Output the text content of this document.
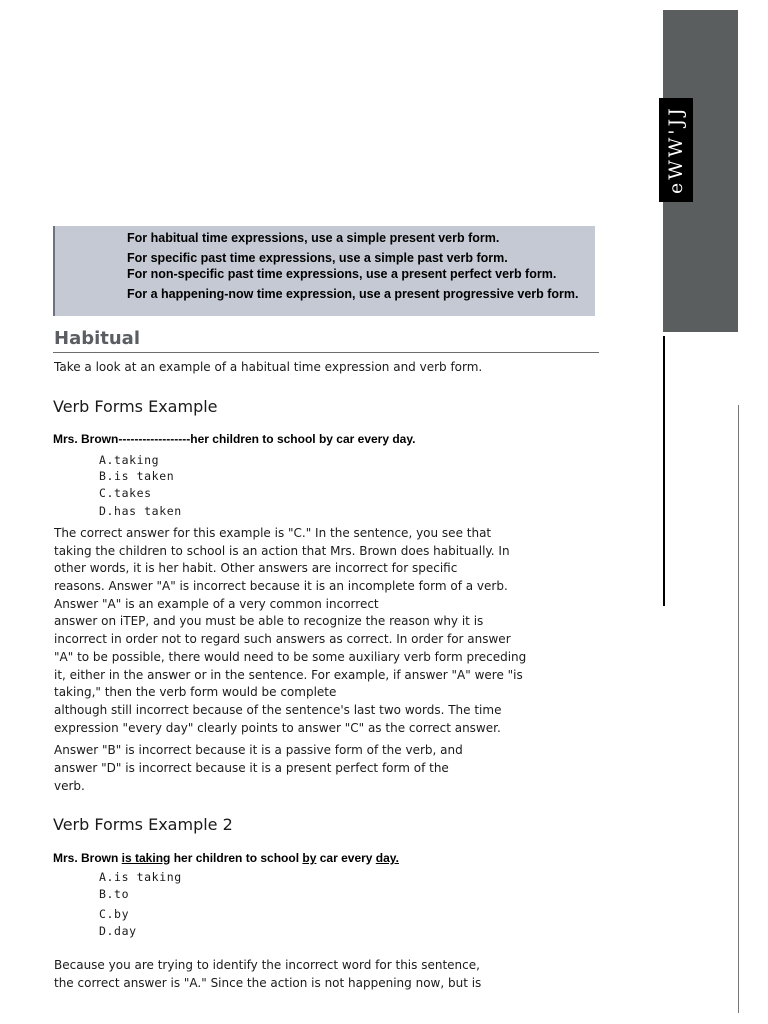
eWW'JJ
For habitual time expressions, use a simple present verb form.
For specific past time expressions, use a simple past verb form.
For non-specific past time expressions, use a present perfect verb form.
For a happening-now time expression, use a present progressive verb form.
Habitual
Take a look at an example of a habitual time expression and verb form.
Verb Forms Example
Mrs. Brown------------------her children to school by car every day.
A.taking
B.is taken
C.takes
D.has taken
The correct answer for this example is "C." In the sentence, you see that
taking the children to school is an action that Mrs. Brown does habitually. In
other words, it is her habit. Other answers are incorrect for specific
reasons. Answer "A" is incorrect because it is an incomplete form of a verb.
Answer "A" is an example of a very common incorrect
answer on iTEP, and you must be able to recognize the reason why it is
incorrect in order not to regard such answers as correct. In order for answer
"A" to be possible, there would need to be some auxiliary verb form preceding
it, either in the answer or in the sentence. For example, if answer "A" were "is
taking," then the verb form would be complete
although still incorrect because of the sentence's last two words. The time
expression "every day" clearly points to answer "C" as the correct answer.
Answer "B" is incorrect because it is a passive form of the verb, and
answer "D" is incorrect because it is a present perfect form of the
verb.
Verb Forms Example 2
Mrs. Brown is taking her children to school by car every day.
A.is taking
B.to
C.by
D.day
Because you are trying to identify the incorrect word for this sentence,
the correct answer is "A." Since the action is not happening now, but is
